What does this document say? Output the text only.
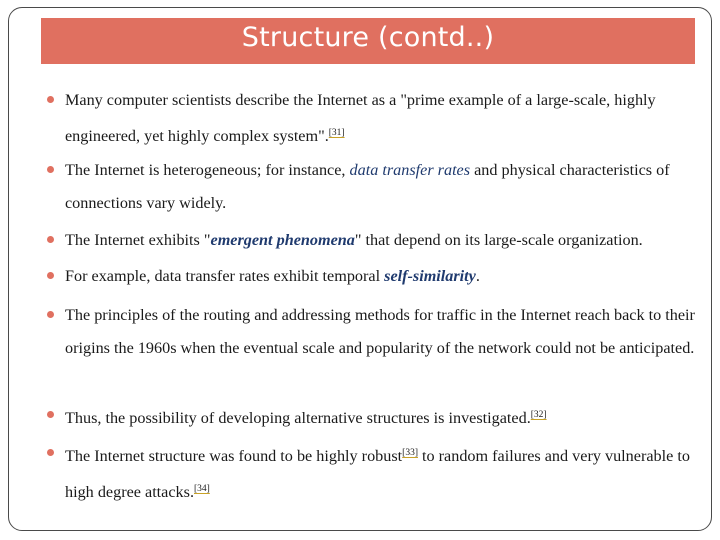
Structure (contd..)
Many computer scientists describe the Internet as a "prime example of a large-scale, highly engineered, yet highly complex system".[31]
The Internet is heterogeneous; for instance, data transfer rates and physical characteristics of connections vary widely.
The Internet exhibits "emergent phenomena" that depend on its large-scale organization.
For example, data transfer rates exhibit temporal self-similarity.
The principles of the routing and addressing methods for traffic in the Internet reach back to their origins the 1960s when the eventual scale and popularity of the network could not be anticipated.
Thus, the possibility of developing alternative structures is investigated.[32]
The Internet structure was found to be highly robust[33] to random failures and very vulnerable to high degree attacks.[34]
